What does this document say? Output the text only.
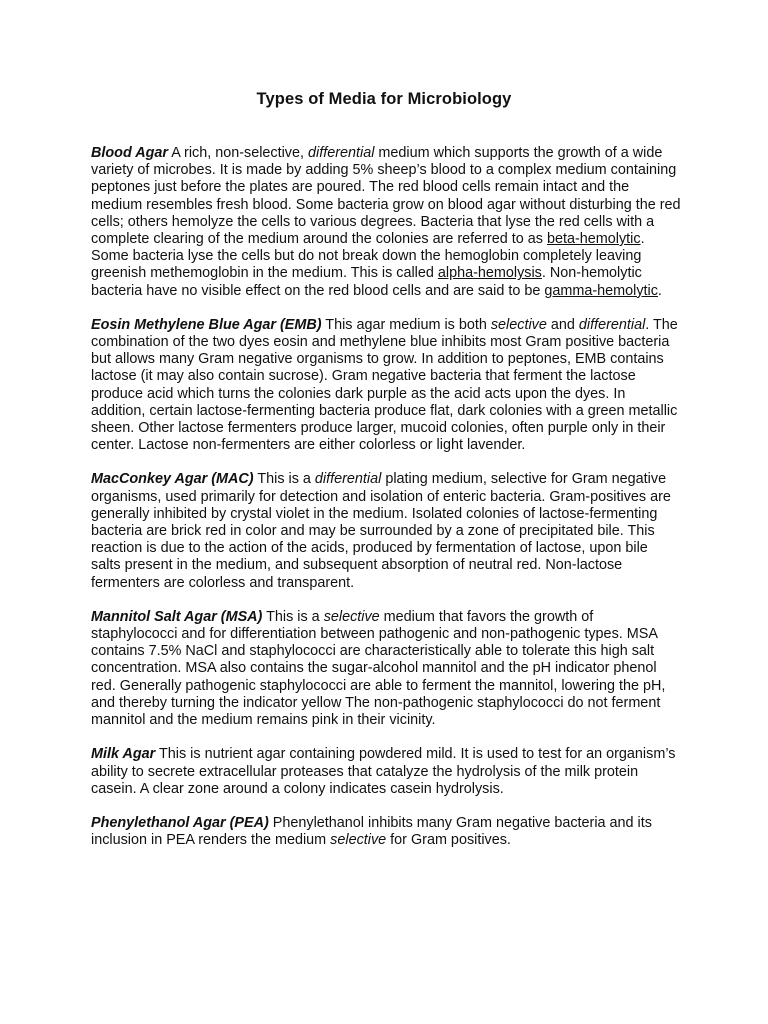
Types of Media for Microbiology

Blood Agar A rich, non-selective, differential medium which supports the growth of a wide variety of microbes. It is made by adding 5% sheep’s blood to a complex medium containing peptones just before the plates are poured. The red blood cells remain intact and the medium resembles fresh blood. Some bacteria grow on blood agar without disturbing the red cells; others hemolyze the cells to various degrees. Bacteria that lyse the red cells with a complete clearing of the medium around the colonies are referred to as beta-hemolytic. Some bacteria lyse the cells but do not break down the hemoglobin completely leaving greenish methemoglobin in the medium. This is called alpha-hemolysis. Non-hemolytic bacteria have no visible effect on the red blood cells and are said to be gamma-hemolytic.

Eosin Methylene Blue Agar (EMB) This agar medium is both selective and differential. The combination of the two dyes eosin and methylene blue inhibits most Gram positive bacteria but allows many Gram negative organisms to grow. In addition to peptones, EMB contains lactose (it may also contain sucrose). Gram negative bacteria that ferment the lactose produce acid which turns the colonies dark purple as the acid acts upon the dyes. In addition, certain lactose-fermenting bacteria produce flat, dark colonies with a green metallic sheen. Other lactose fermenters produce larger, mucoid colonies, often purple only in their center. Lactose non-fermenters are either colorless or light lavender.

MacConkey Agar (MAC) This is a differential plating medium, selective for Gram negative organisms, used primarily for detection and isolation of enteric bacteria. Gram-positives are generally inhibited by crystal violet in the medium. Isolated colonies of lactose-fermenting bacteria are brick red in color and may be surrounded by a zone of precipitated bile. This reaction is due to the action of the acids, produced by fermentation of lactose, upon bile salts present in the medium, and subsequent absorption of neutral red. Non-lactose fermenters are colorless and transparent.

Mannitol Salt Agar (MSA) This is a selective medium that favors the growth of staphylococci and for differentiation between pathogenic and non-pathogenic types. MSA contains 7.5% NaCl and staphylococci are characteristically able to tolerate this high salt concentration. MSA also contains the sugar-alcohol mannitol and the pH indicator phenol red. Generally pathogenic staphylococci are able to ferment the mannitol, lowering the pH, and thereby turning the indicator yellow The non-pathogenic staphylococci do not ferment mannitol and the medium remains pink in their vicinity.

Milk Agar This is nutrient agar containing powdered mild. It is used to test for an organism’s ability to secrete extracellular proteases that catalyze the hydrolysis of the milk protein casein. A clear zone around a colony indicates casein hydrolysis.

Phenylethanol Agar (PEA) Phenylethanol inhibits many Gram negative bacteria and its inclusion in PEA renders the medium selective for Gram positives.
